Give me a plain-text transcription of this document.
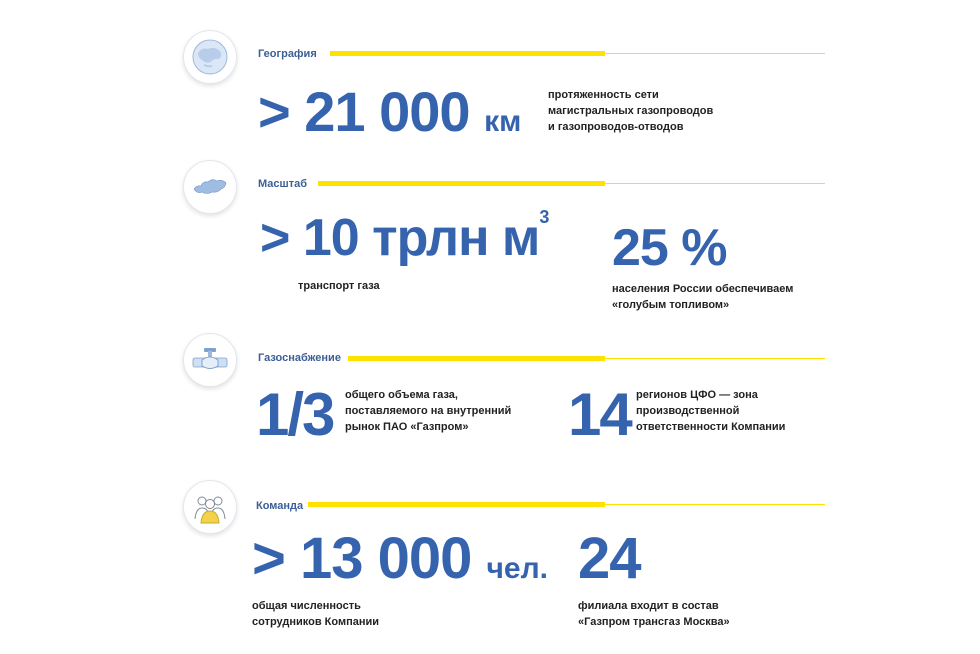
География
> 21 000 км
протяженность сети
магистральных газопроводов
и газопроводов-отводов
Масштаб
> 10 трлн $м^3$
транспорт газа
25 %
населения России обеспечиваем
«голубым топливом»
Газоснабжение
1/3 общего объема газа,
поставляемого на внутренний
рынок ПАО «Газпром»	14 регионов ЦФО — зона
производственной
ответственности Компании
Команда
> 13 000 чел.
общая численность
сотрудников Компании
24
филиала входит в состав
«Газпром трансгаз Москва»
